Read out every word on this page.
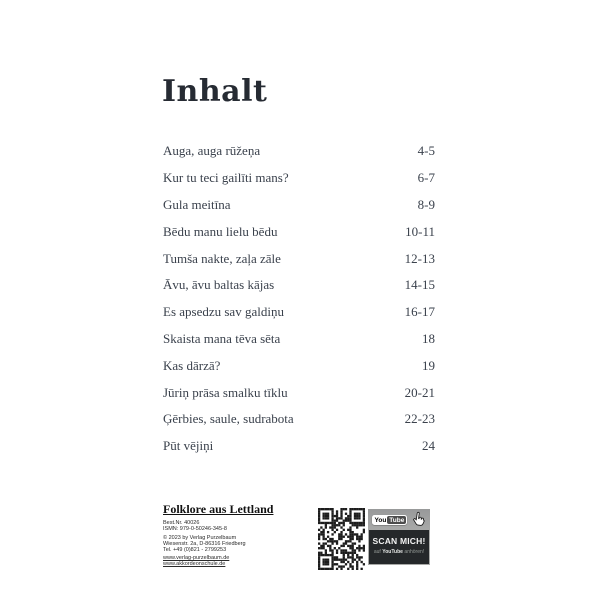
Inhalt
Auga, auga rūžeņa	4-5
Kur tu teci gailīti mans?	6-7
Gula meitīna	8-9
Bēdu manu lielu bēdu	10-11
Tumša nakte, zaļa zāle	12-13
Āvu, āvu baltas kājas	14-15
Es apsedzu sav galdiņu	16-17
Skaista mana tēva sēta	18
Kas dārzā?	19
Jūriņ prāsa smalku tīklu	20-21
Ģērbies, saule, sudrabota	22-23
Pūt vējiņi	24
Folklore aus Lettland
Best.Nr. 40026
ISMN: 979-0-50246-345-8
© 2023 by Verlag Purzelbaum
Wiesenstr. 2a, D-86316 Friedberg
Tel. +49 (0)821 - 2799253
www.verlag-purzelbaum.de
www.akkordeonschule.de
You Tube
SCAN MICH!
auf YouTube anhören!
